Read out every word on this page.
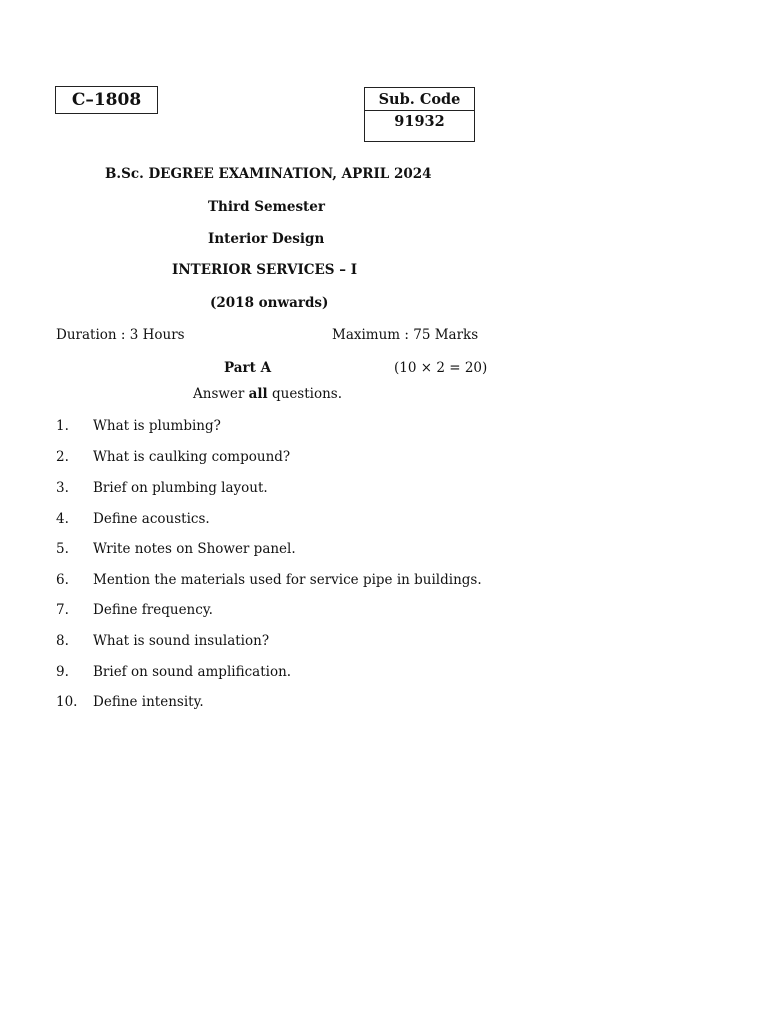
C–1808	Sub. Code
91932
B.Sc. DEGREE EXAMINATION, APRIL 2024
Third Semester
Interior Design
INTERIOR SERVICES – I
(2018 onwards)
Duration : 3 Hours	Maximum : 75 Marks
Part A	(10 × 2 = 20)
Answer all questions.
1. What is plumbing?
2. What is caulking compound?
3. Brief on plumbing layout.
4. Define acoustics.
5. Write notes on Shower panel.
6. Mention the materials used for service pipe in buildings.
7. Define frequency.
8. What is sound insulation?
9. Brief on sound amplification.
10. Define intensity.
